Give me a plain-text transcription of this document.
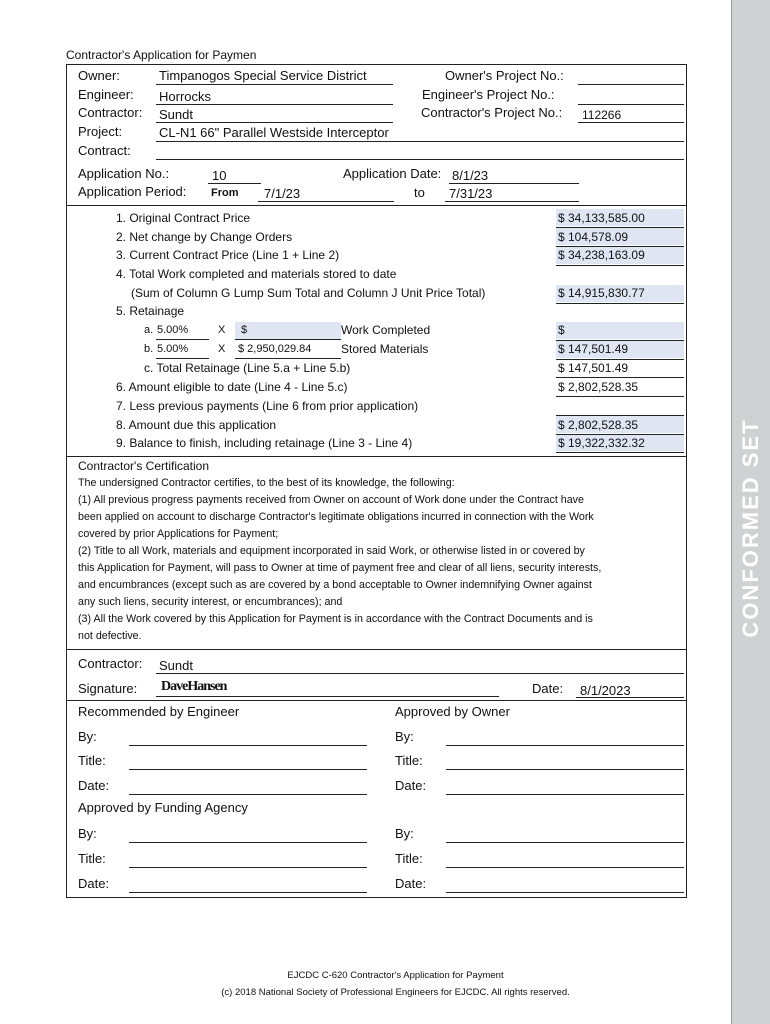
CONFORMED SET
Contractor's Application for Paymen
Owner:	Timpanogos Special Service District	Owner's Project No.:
Engineer: Horrocks	Engineer's Project No.:
Contractor: Sundt	Contractor's Project No.: 112266
Project:	CL-N1 66" Parallel Westside Interceptor
Contract:
Application No.:	10	Application Date: 8/1/23
Application Period: From 7/1/23	to 7/31/23
1. Original Contract Price	$ 34,133,585.00
2. Net change by Change Orders	$ 104,578.09
3. Current Contract Price (Line 1 + Line 2)	$ 34,238,163.09
4. Total Work completed and materials stored to date
(Sum of Column G Lump Sum Total and Column J Unit Price Total)	$ 14,915,830.77
5. Retainage
a. 5.00%	X $	Work Completed	$
b. 5.00%	X $ 2,950,029.84 Stored Materials	$ 147,501.49
c. Total Retainage (Line 5.a + Line 5.b)	$ 147,501.49
6. Amount eligible to date (Line 4 - Line 5.c)	$ 2,802,528.35
7. Less previous payments (Line 6 from prior application)
8. Amount due this application	$ 2,802,528.35
9. Balance to finish, including retainage (Line 3 - Line 4)	$ 19,322,332.32
Contractor's Certification
The undersigned Contractor certifies, to the best of its knowledge, the following:
(1) All previous progress payments received from Owner on account of Work done under the Contract have
been applied on account to discharge Contractor's legitimate obligations incurred in connection with the Work
covered by prior Applications for Payment;
(2) Title to all Work, materials and equipment incorporated in said Work, or otherwise listed in or covered by
this Application for Payment, will pass to Owner at time of payment free and clear of all liens, security interests,
and encumbrances (except such as are covered by a bond acceptable to Owner indemnifying Owner against
any such liens, security interest, or encumbrances); and
(3) All the Work covered by this Application for Payment is in accordance with the Contract Documents and is
not defective.
Contractor: Sundt
Signature: DaveHansen	Date: 8/1/2023
Recommended by Engineer	Approved by Owner
By:	By:
Title:	Title:
Date:	Date:
Approved by Funding Agency
By:	By:
Title:	Title:
Date:	Date:
EJCDC C-620 Contractor's Application for Payment
(c) 2018 National Society of Professional Engineers for EJCDC. All rights reserved.
